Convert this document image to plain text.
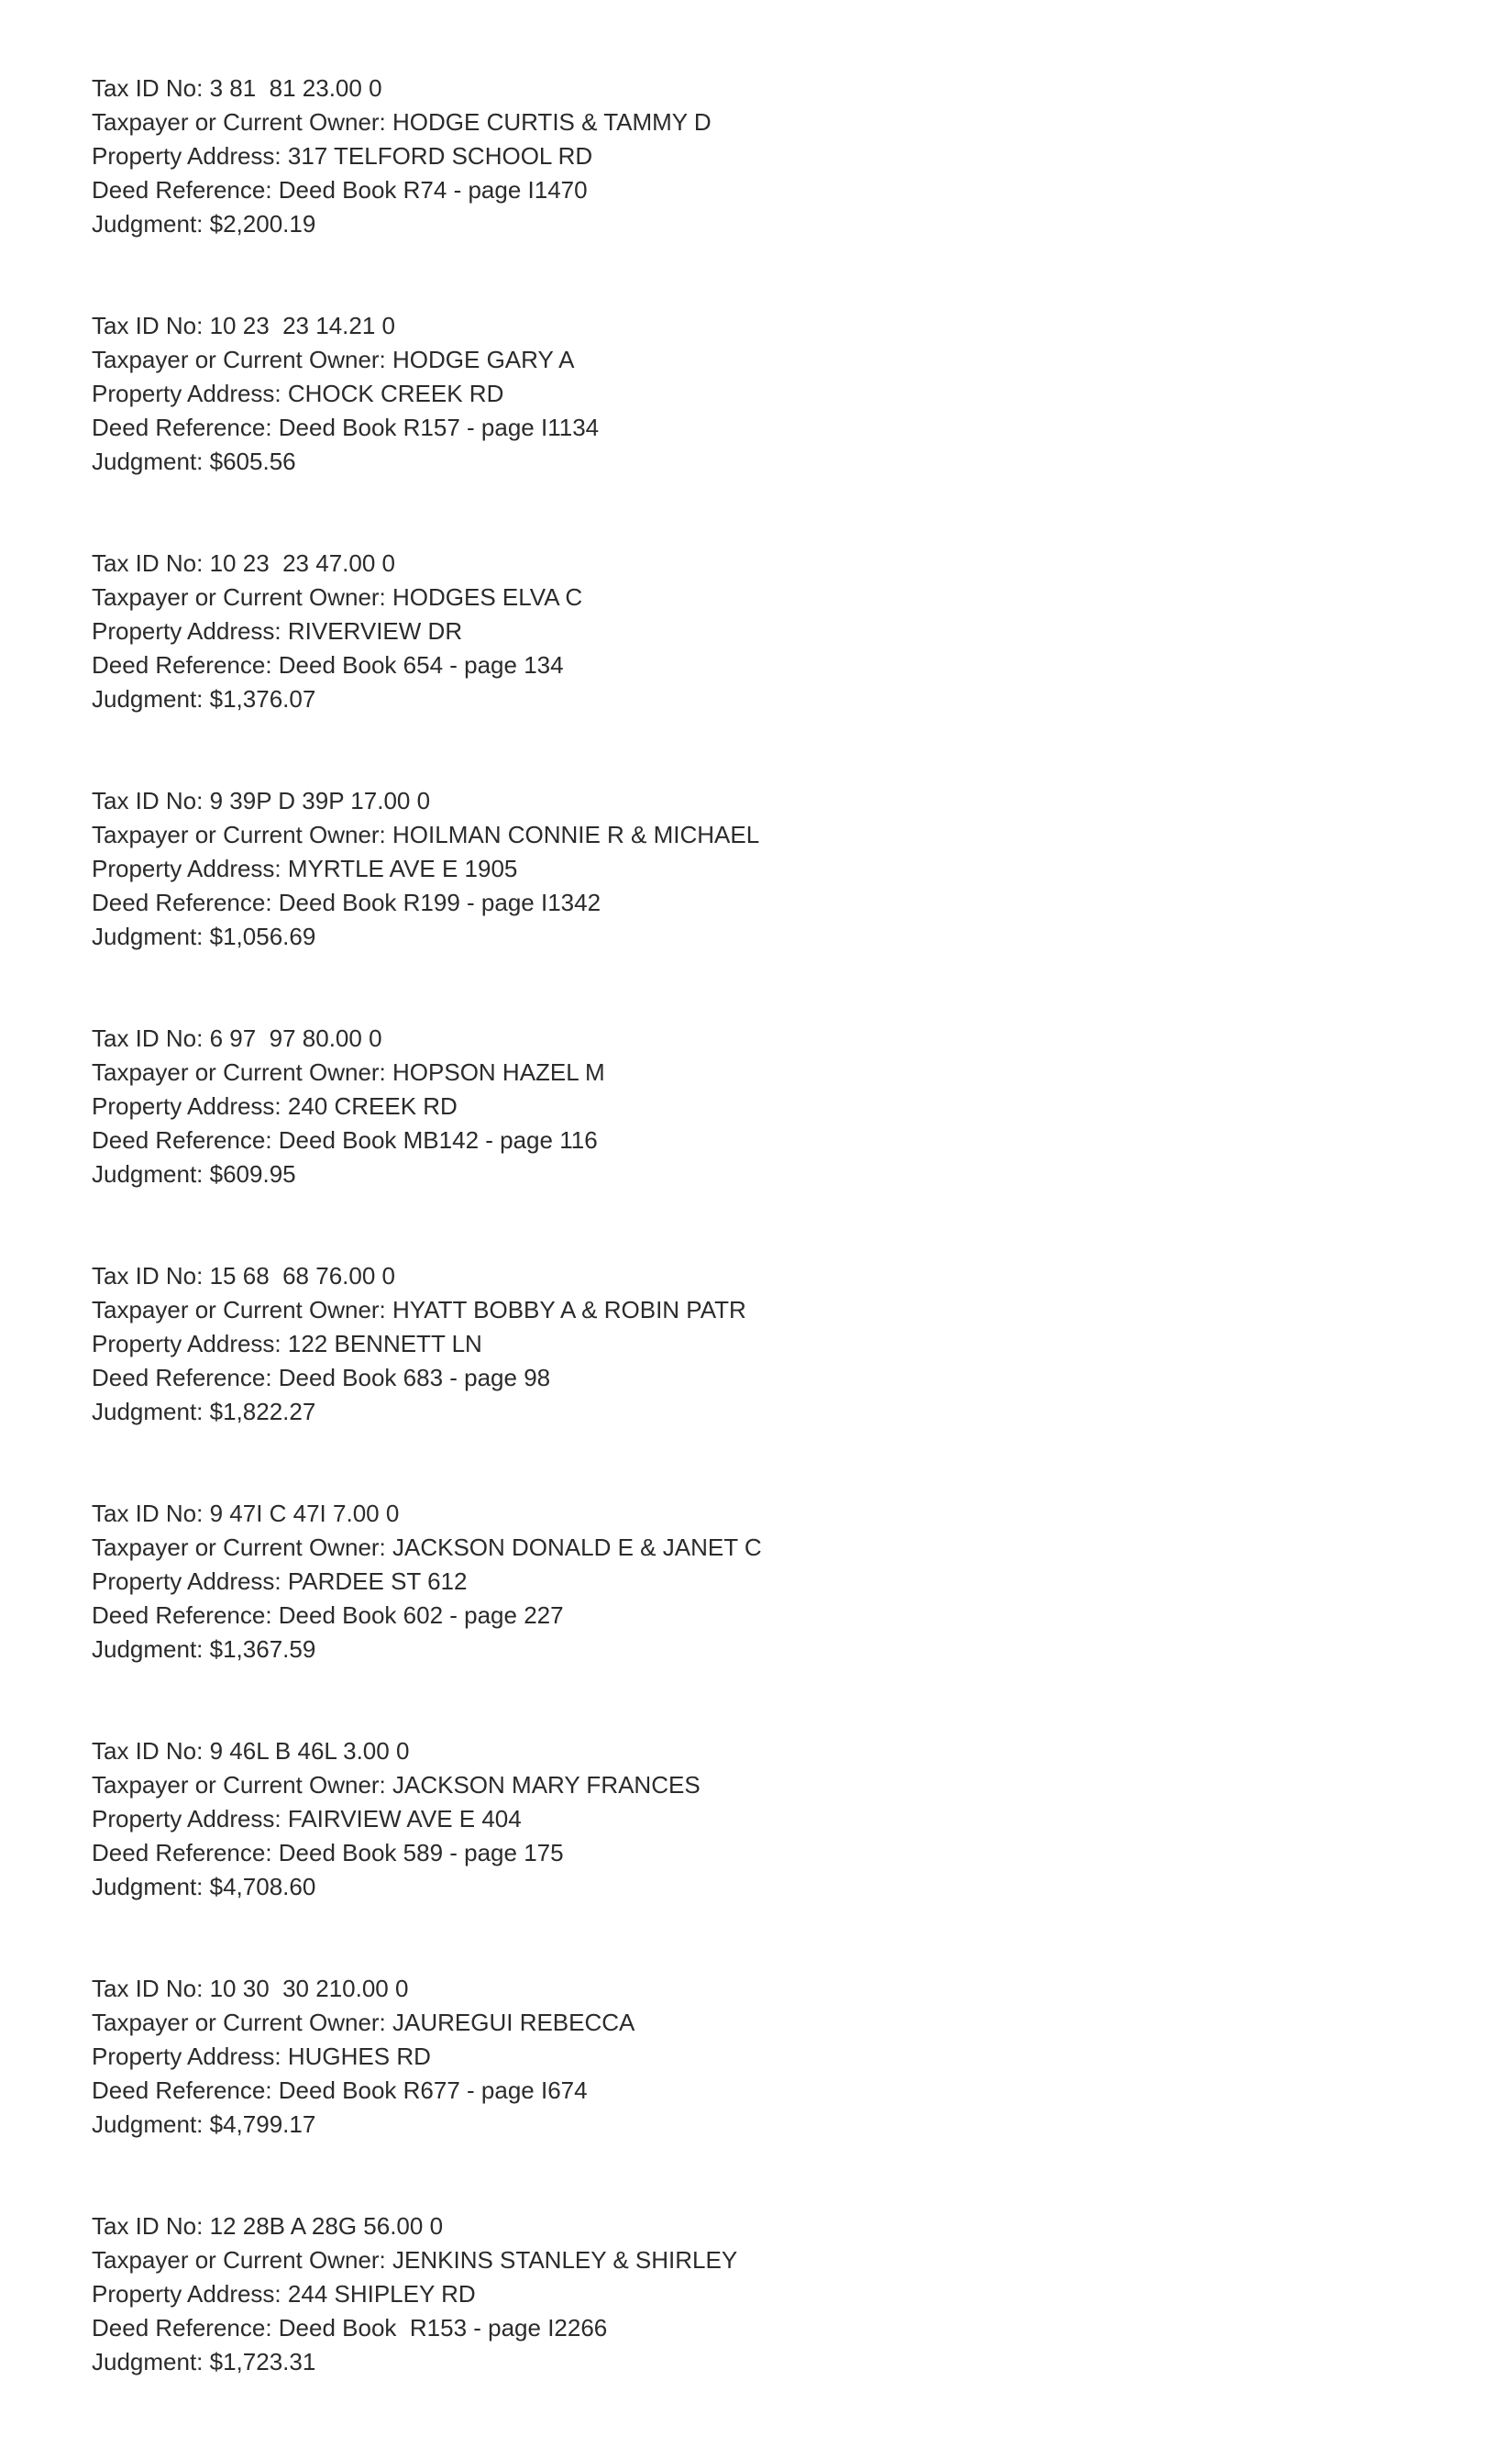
Tax ID No: 3 81  81 23.00 0
Taxpayer or Current Owner: HODGE CURTIS & TAMMY D
Property Address: 317 TELFORD SCHOOL RD
Deed Reference: Deed Book R74 - page I1470
Judgment: $2,200.19
Tax ID No: 10 23  23 14.21 0
Taxpayer or Current Owner: HODGE GARY A
Property Address: CHOCK CREEK RD
Deed Reference: Deed Book R157 - page I1134
Judgment: $605.56
Tax ID No: 10 23  23 47.00 0
Taxpayer or Current Owner: HODGES ELVA C
Property Address: RIVERVIEW DR
Deed Reference: Deed Book 654 - page 134
Judgment: $1,376.07
Tax ID No: 9 39P D 39P 17.00 0
Taxpayer or Current Owner: HOILMAN CONNIE R & MICHAEL
Property Address: MYRTLE AVE E 1905
Deed Reference: Deed Book R199 - page I1342
Judgment: $1,056.69
Tax ID No: 6 97  97 80.00 0
Taxpayer or Current Owner: HOPSON HAZEL M
Property Address: 240 CREEK RD
Deed Reference: Deed Book MB142 - page 116
Judgment: $609.95
Tax ID No: 15 68  68 76.00 0
Taxpayer or Current Owner: HYATT BOBBY A & ROBIN PATR
Property Address: 122 BENNETT LN
Deed Reference: Deed Book 683 - page 98
Judgment: $1,822.27
Tax ID No: 9 47I C 47I 7.00 0
Taxpayer or Current Owner: JACKSON DONALD E & JANET C
Property Address: PARDEE ST 612
Deed Reference: Deed Book 602 - page 227
Judgment: $1,367.59
Tax ID No: 9 46L B 46L 3.00 0
Taxpayer or Current Owner: JACKSON MARY FRANCES
Property Address: FAIRVIEW AVE E 404
Deed Reference: Deed Book 589 - page 175
Judgment: $4,708.60
Tax ID No: 10 30  30 210.00 0
Taxpayer or Current Owner: JAUREGUI REBECCA
Property Address: HUGHES RD
Deed Reference: Deed Book R677 - page I674
Judgment: $4,799.17
Tax ID No: 12 28B A 28G 56.00 0
Taxpayer or Current Owner: JENKINS STANLEY & SHIRLEY
Property Address: 244 SHIPLEY RD
Deed Reference: Deed Book  R153 - page I2266
Judgment: $1,723.31
